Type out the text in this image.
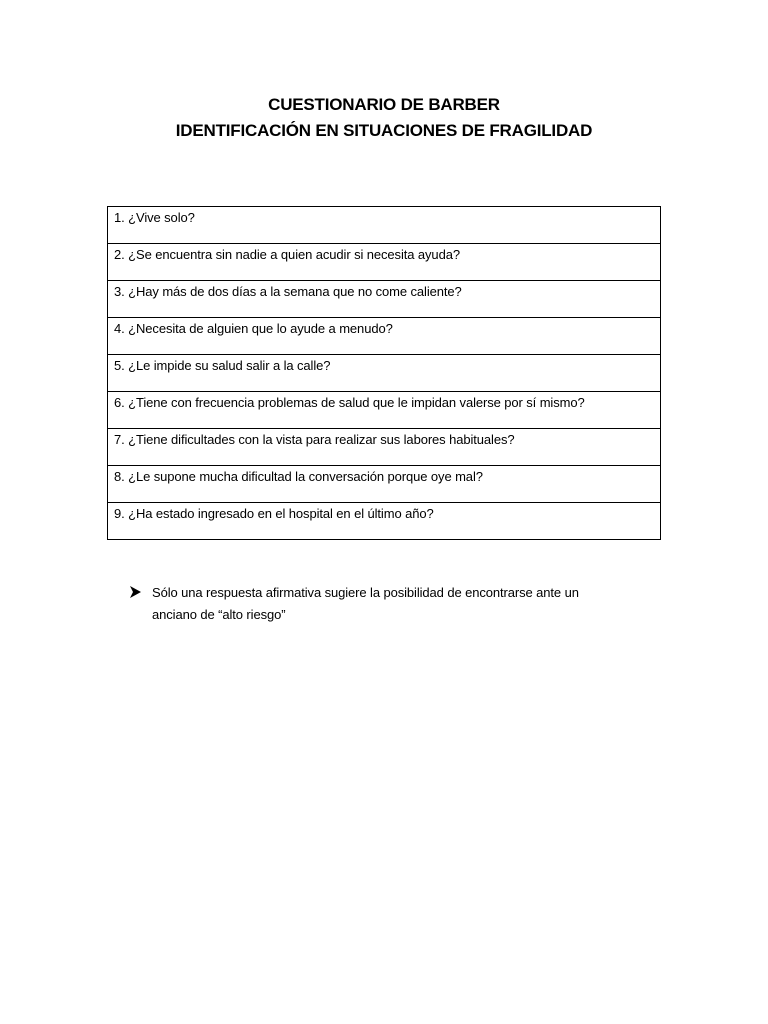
CUESTIONARIO DE BARBER
IDENTIFICACIÓN EN SITUACIONES DE FRAGILIDAD
1. ¿Vive solo?

2. ¿Se encuentra sin nadie a quien acudir si necesita ayuda?

3. ¿Hay más de dos días a la semana que no come caliente?

4. ¿Necesita de alguien que lo ayude a menudo?

5. ¿Le impide su salud salir a la calle?

6. ¿Tiene con frecuencia problemas de salud que le impidan valerse por sí mismo?

7. ¿Tiene dificultades con la vista para realizar sus labores habituales?

8. ¿Le supone mucha dificultad la conversación porque oye mal?

9. ¿Ha estado ingresado en el hospital en el último año?
Sólo una respuesta afirmativa sugiere la posibilidad de encontrarse ante un
anciano de “alto riesgo”
